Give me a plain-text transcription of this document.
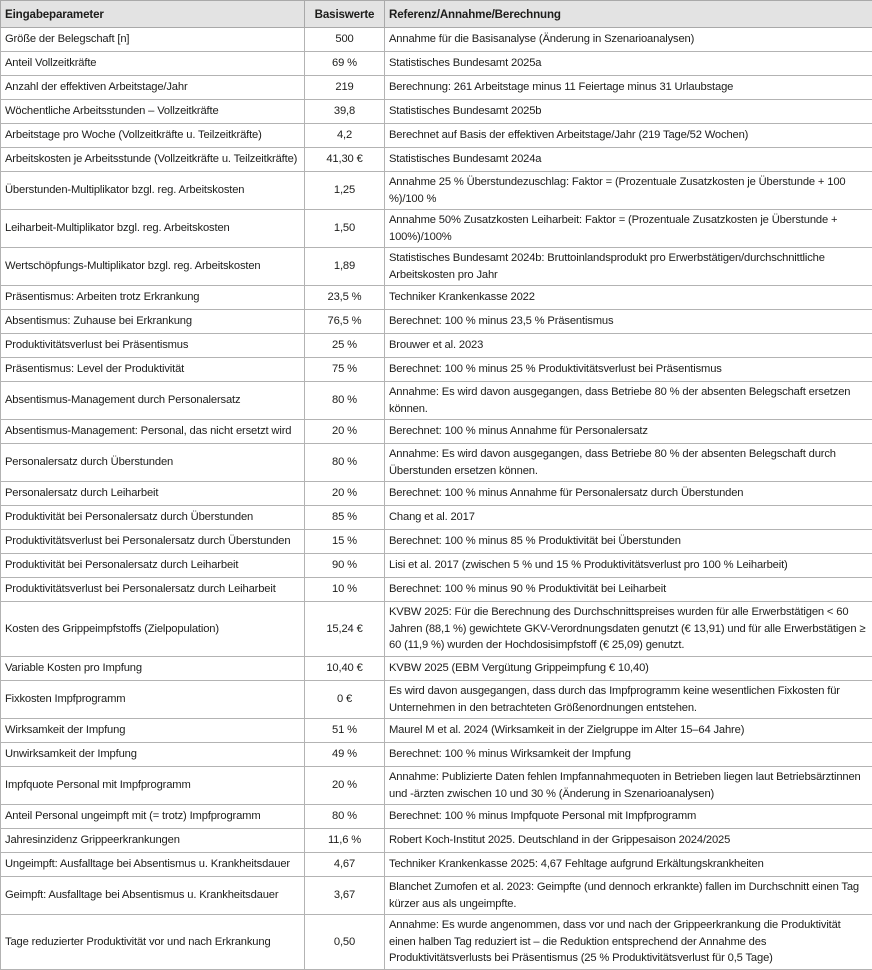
Eingabeparameter	Basiswerte	Referenz/Annahme/Berechnung
Größe der Belegschaft [n]	500	Annahme für die Basisanalyse (Änderung in Szenarioanalysen)
Anteil Vollzeitkräfte	69 %	Statistisches Bundesamt 2025a
Anzahl der effektiven Arbeitstage/Jahr	219	Berechnung: 261 Arbeitstage minus 11 Feiertage minus 31 Urlaubstage
Wöchentliche Arbeitsstunden – Vollzeitkräfte	39,8	Statistisches Bundesamt 2025b
Arbeitstage pro Woche (Vollzeitkräfte u. Teilzeitkräfte)	4,2	Berechnet auf Basis der effektiven Arbeitstage/Jahr (219 Tage/52 Wochen)
Arbeitskosten je Arbeitsstunde (Vollzeitkräfte u. Teilzeitkräfte)	41,30 €	Statistisches Bundesamt 2024a
Überstunden-Multiplikator bzgl. reg. Arbeitskosten	1,25	Annahme 25 % Überstundezuschlag: Faktor = (Prozentuale Zusatzkosten je Überstunde + 100 %)/100 %
Leiharbeit-Multiplikator bzgl. reg. Arbeitskosten	1,50	Annahme 50% Zusatzkosten Leiharbeit: Faktor = (Prozentuale Zusatzkosten je Überstunde + 100%)/100%
Wertschöpfungs-Multiplikator bzgl. reg. Arbeitskosten	1,89	Statistisches Bundesamt 2024b: Bruttoinlandsprodukt pro Erwerbstätigen/durchschnittliche Arbeitskosten pro Jahr
Präsentismus: Arbeiten trotz Erkrankung	23,5 %	Techniker Krankenkasse 2022
Absentismus: Zuhause bei Erkrankung	76,5 %	Berechnet: 100 % minus 23,5 % Präsentismus
Produktivitätsverlust bei Präsentismus	25 %	Brouwer et al. 2023
Präsentismus: Level der Produktivität	75 %	Berechnet: 100 % minus 25 % Produktivitätsverlust bei Präsentismus
Absentismus-Management durch Personalersatz	80 %	Annahme: Es wird davon ausgegangen, dass Betriebe 80 % der absenten Belegschaft ersetzen können.
Absentismus-Management: Personal, das nicht ersetzt wird	20 %	Berechnet: 100 % minus Annahme für Personalersatz
Personalersatz durch Überstunden	80 %	Annahme: Es wird davon ausgegangen, dass Betriebe 80 % der absenten Belegschaft durch Überstunden ersetzen können.
Personalersatz durch Leiharbeit	20 %	Berechnet: 100 % minus Annahme für Personalersatz durch Überstunden
Produktivität bei Personalersatz durch Überstunden	85 %	Chang et al. 2017
Produktivitätsverlust bei Personalersatz durch Überstunden	15 %	Berechnet: 100 % minus 85 % Produktivität bei Überstunden
Produktivität bei Personalersatz durch Leiharbeit	90 %	Lisi et al. 2017 (zwischen 5 % und 15 % Produktivitätsverlust pro 100 % Leiharbeit)
Produktivitätsverlust bei Personalersatz durch Leiharbeit	10 %	Berechnet: 100 % minus 90 % Produktivität bei Leiharbeit
Kosten des Grippeimpfstoffs (Zielpopulation)	15,24 €	KVBW 2025: Für die Berechnung des Durchschnittspreises wurden für alle Erwerbstätigen < 60 Jahren (88,1 %) gewichtete GKV-Verordnungsdaten genutzt (€ 13,91) und für alle Erwerbstätigen ≥ 60 (11,9 %) wurden der Hochdosisimpfstoff (€ 25,09) genutzt.
Variable Kosten pro Impfung	10,40 €	KVBW 2025 (EBM Vergütung Grippeimpfung € 10,40)
Fixkosten Impfprogramm	0 €	Es wird davon ausgegangen, dass durch das Impfprogramm keine wesentlichen Fixkosten für Unternehmen in den betrachteten Größenordnungen entstehen.
Wirksamkeit der Impfung	51 %	Maurel M et al. 2024 (Wirksamkeit in der Zielgruppe im Alter 15–64 Jahre)
Unwirksamkeit der Impfung	49 %	Berechnet: 100 % minus Wirksamkeit der Impfung
Impfquote Personal mit Impfprogramm	20 %	Annahme: Publizierte Daten fehlen Impfannahmequoten in Betrieben liegen laut Betriebsärztinnen und -ärzten zwischen 10 und 30 % (Änderung in Szenarioanalysen)
Anteil Personal ungeimpft mit (= trotz) Impfprogramm	80 %	Berechnet: 100 % minus Impfquote Personal mit Impfprogramm
Jahresinzidenz Grippeerkrankungen	11,6 %	Robert Koch-Institut 2025. Deutschland in der Grippesaison 2024/2025
Ungeimpft: Ausfalltage bei Absentismus u. Krankheitsdauer	4,67	Techniker Krankenkasse 2025: 4,67 Fehltage aufgrund Erkältungskrankheiten
Geimpft: Ausfalltage bei Absentismus u. Krankheitsdauer	3,67	Blanchet Zumofen et al. 2023: Geimpfte (und dennoch erkrankte) fallen im Durchschnitt einen Tag kürzer aus als ungeimpfte.
Tage reduzierter Produktivität vor und nach Erkrankung	0,50	Annahme: Es wurde angenommen, dass vor und nach der Grippeerkrankung die Produktivität einen halben Tag reduziert ist – die Reduktion entsprechend der Annahme des Produktivitätsverlusts bei Präsentismus (25 % Produktivitätsverlust für 0,5 Tage)
